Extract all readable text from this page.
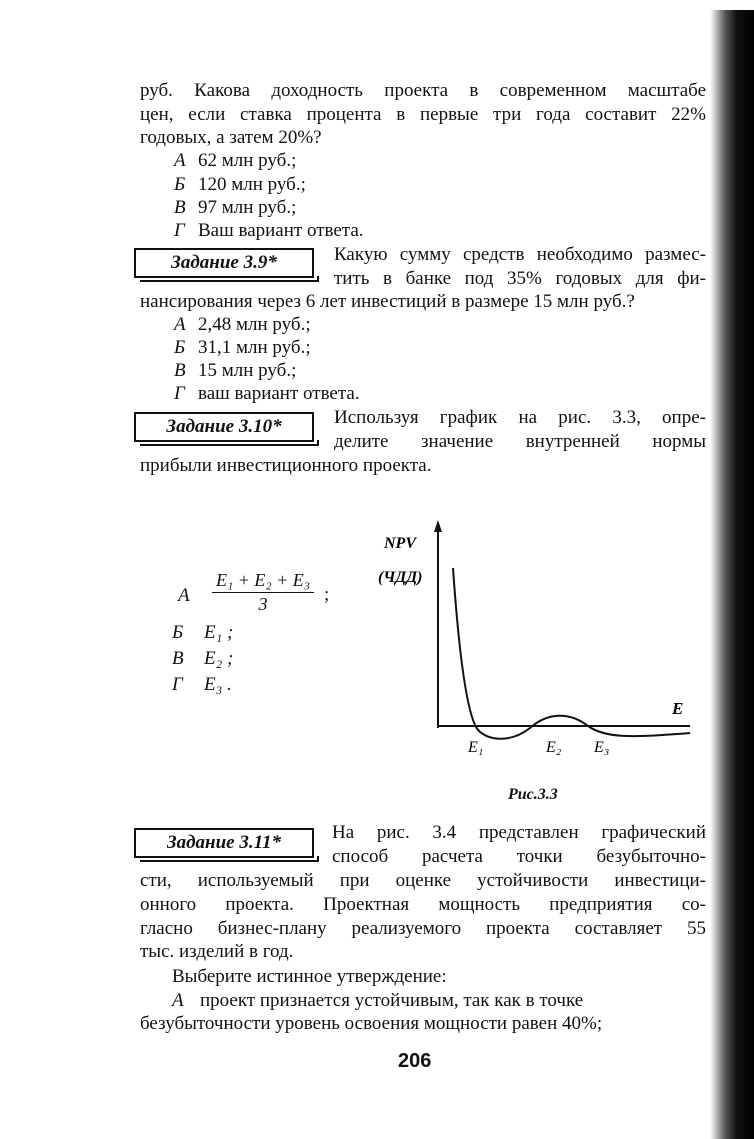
руб. Какова доходность проекта в современном масштабе
цен, если ставка процента в первые три года составит 22%
годовых, а затем 20%?
А 62 млн руб.;
Б 120 млн руб.;
В 97 млн руб.;
Г Ваш вариант ответа.
Задание 3.9*	Какую сумму средств необходимо размес-
тить в банке под 35% годовых для фи-
нансирования через 6 лет инвестиций в размере 15 млн руб.?
А 2,48 млн руб.;
Б 31,1 млн руб.;
В 15 млн руб.;
Г ваш вариант ответа.
Задание 3.10*	Используя график на рис. 3.3, опре-
делите значение внутренней нормы
прибыли инвестиционного проекта.
А $\frac{\text{E₁ + E₂ + E₃}}{3}$ ;
Б E₁ ;
В E₂ ;
Г E₃ .
NPV
(ЧДД)
E
E₁	E₂ E₃
Рис.3.3
Задание 3.11*	На рис. 3.4 представлен графический
способ расчета точки безубыточно-
сти, используемый при оценке устойчивости инвестици-
онного проекта. Проектная мощность предприятия со-
гласно бизнес-плану реализуемого проекта составляет 55
тыс. изделий в год.
Выберите истинное утверждение:
А проект признается устойчивым, так как в точке
безубыточности уровень освоения мощности равен 40%;
206
